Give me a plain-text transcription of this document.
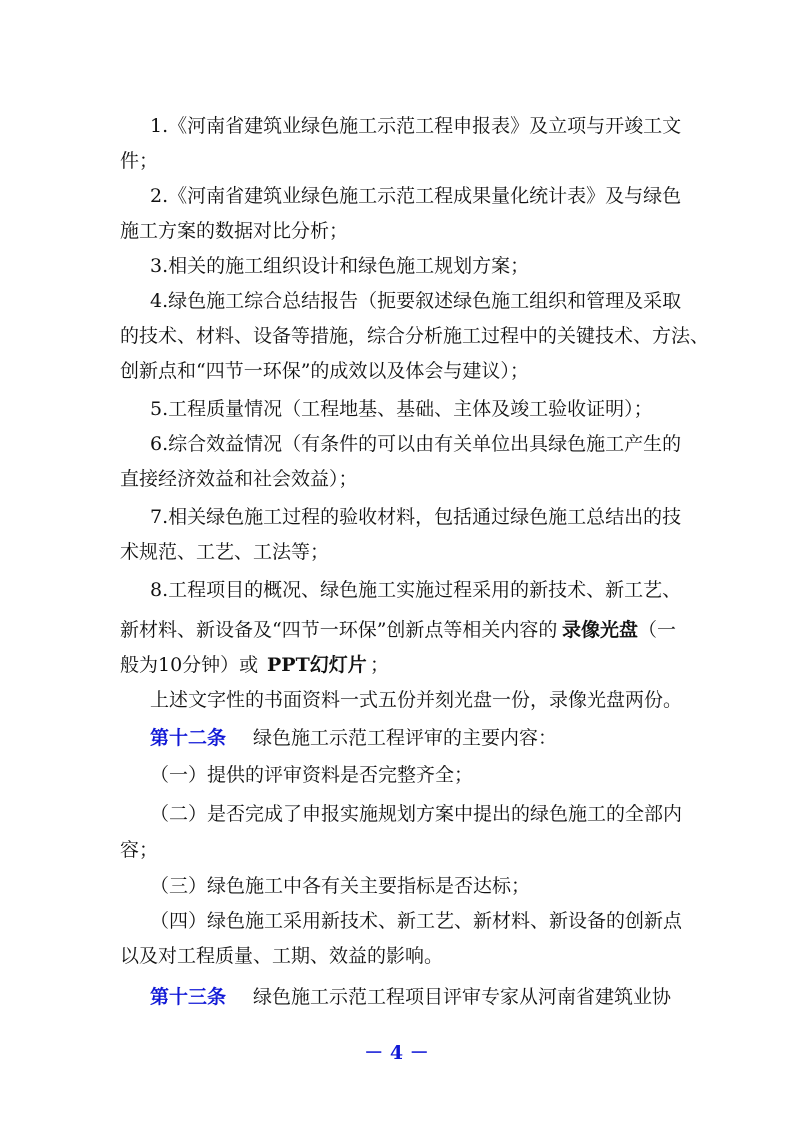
1.《河南省建筑业绿色施工示范工程申报表》及立项与开竣工文
件；
2.《河南省建筑业绿色施工示范工程成果量化统计表》及与绿色
施工方案的数据对比分析；
3.相关的施工组织设计和绿色施工规划方案；
4.绿色施工综合总结报告（扼要叙述绿色施工组织和管理及采取
的技术、材料、设备等措施，综合分析施工过程中的关键技术、方法、
创新点和“四节一环保”的成效以及体会与建议）；
5.工程质量情况（工程地基、基础、主体及竣工验收证明）；
6.综合效益情况（有条件的可以由有关单位出具绿色施工产生的
直接经济效益和社会效益）；
7.相关绿色施工过程的验收材料，包括通过绿色施工总结出的技
术规范、工艺、工法等；
8.工程项目的概况、绿色施工实施过程采用的新技术、新工艺、
新材料、新设备及“四节一环保”创新点等相关内容的 录像光盘 （一
般为10分钟）或 PPT幻灯片 ；
上述文字性的书面资料一式五份并刻光盘一份，录像光盘两份。
第十二条 绿色施工示范工程评审的主要内容：
（一）提供的评审资料是否完整齐全；
（二）是否完成了申报实施规划方案中提出的绿色施工的全部内
容；
（三）绿色施工中各有关主要指标是否达标；
（四）绿色施工采用新技术、新工艺、新材料、新设备的创新点
以及对工程质量、工期、效益的影响。
第十三条 绿色施工示范工程项目评审专家从河南省建筑业协
－ 4 －
